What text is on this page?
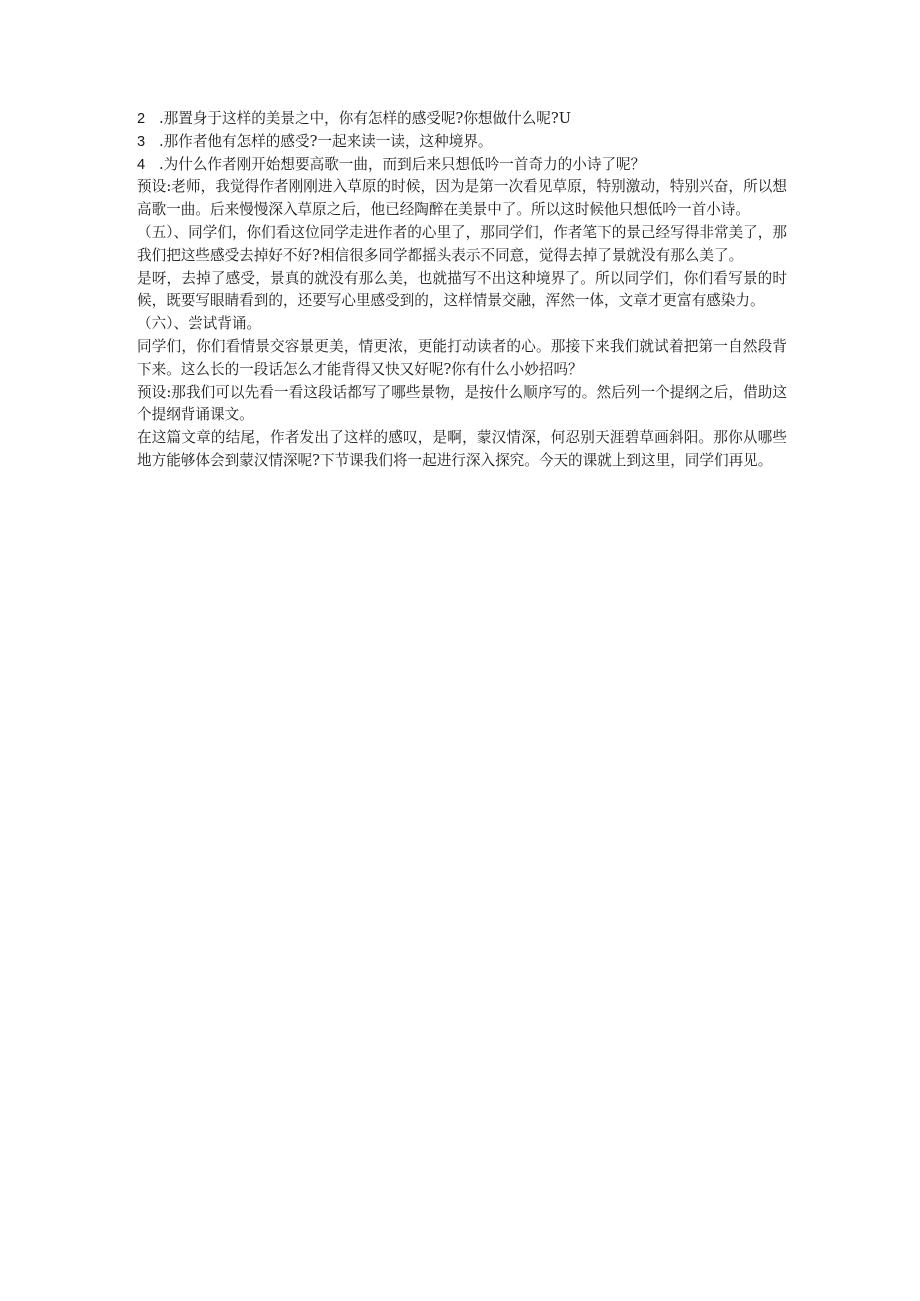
2 .那置身于这样的美景之中，你有怎样的感受呢?你想做什么呢?U
3 .那作者他有怎样的感受?一起来读一读，这种境界。
4 .为什么作者刚开始想要高歌一曲，而到后来只想低吟一首奇力的小诗了呢？

预设:老师，我觉得作者刚刚进入草原的时候，因为是第一次看见草原，特别激动，特别兴奋，所以想高歌一曲。后来慢慢深入草原之后，他已经陶醉在美景中了。所以这时候他只想低吟一首小诗。

（五）、同学们，你们看这位同学走进作者的心里了，那同学们，作者笔下的景己经写得非常美了，那我们把这些感受去掉好不好?相信很多同学都摇头表示不同意，觉得去掉了景就没有那么美了。

是呀，去掉了感受，景真的就没有那么美，也就描写不出这种境界了。所以同学们，你们看写景的时候，既要写眼睛看到的，还要写心里感受到的，这样情景交融，浑然一体，文章才更富有感染力。

（六）、尝试背诵。

同学们，你们看情景交容景更美，情更浓，更能打动读者的心。那接下来我们就试着把第一自然段背下来。这么长的一段话怎么才能背得又快又好呢?你有什么小妙招吗？

预设:那我们可以先看一看这段话都写了哪些景物，是按什么顺序写的。然后列一个提纲之后，借助这个提纲背诵课文。

在这篇文章的结尾，作者发出了这样的感叹，是啊，蒙汉情深，何忍别天涯碧草画斜阳。那你从哪些地方能够体会到蒙汉情深呢?下节课我们将一起进行深入探究。今天的课就上到这里，同学们再见。
